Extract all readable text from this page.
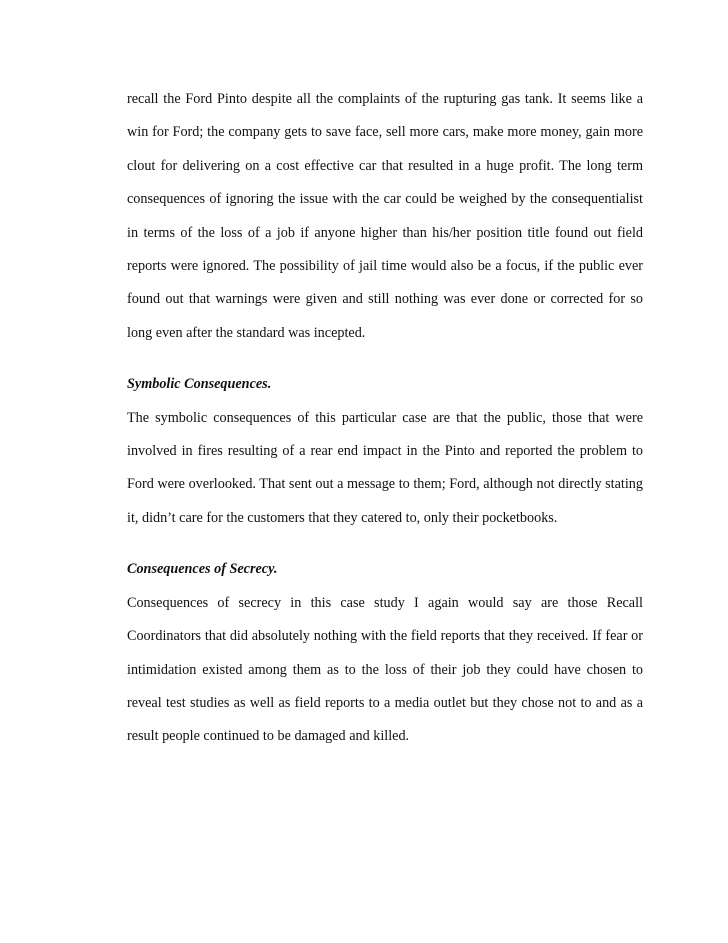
recall the Ford Pinto despite all the complaints of the rupturing gas tank. It seems like a win for Ford; the company gets to save face, sell more cars, make more money, gain more clout for delivering on a cost effective car that resulted in a huge profit. The long term consequences of ignoring the issue with the car could be weighed by the consequentialist in terms of the loss of a job if anyone higher than his/her position title found out field reports were ignored. The possibility of jail time would also be a focus, if the public ever found out that warnings were given and still nothing was ever done or corrected for so long even after the standard was incepted.

Symbolic Consequences.

The symbolic consequences of this particular case are that the public, those that were involved in fires resulting of a rear end impact in the Pinto and reported the problem to Ford were overlooked. That sent out a message to them; Ford, although not directly stating it, didn’t care for the customers that they catered to, only their pocketbooks.

Consequences of Secrecy.

Consequences of secrecy in this case study I again would say are those Recall Coordinators that did absolutely nothing with the field reports that they received. If fear or intimidation existed among them as to the loss of their job they could have chosen to reveal test studies as well as field reports to a media outlet but they chose not to and as a result people continued to be damaged and killed.
